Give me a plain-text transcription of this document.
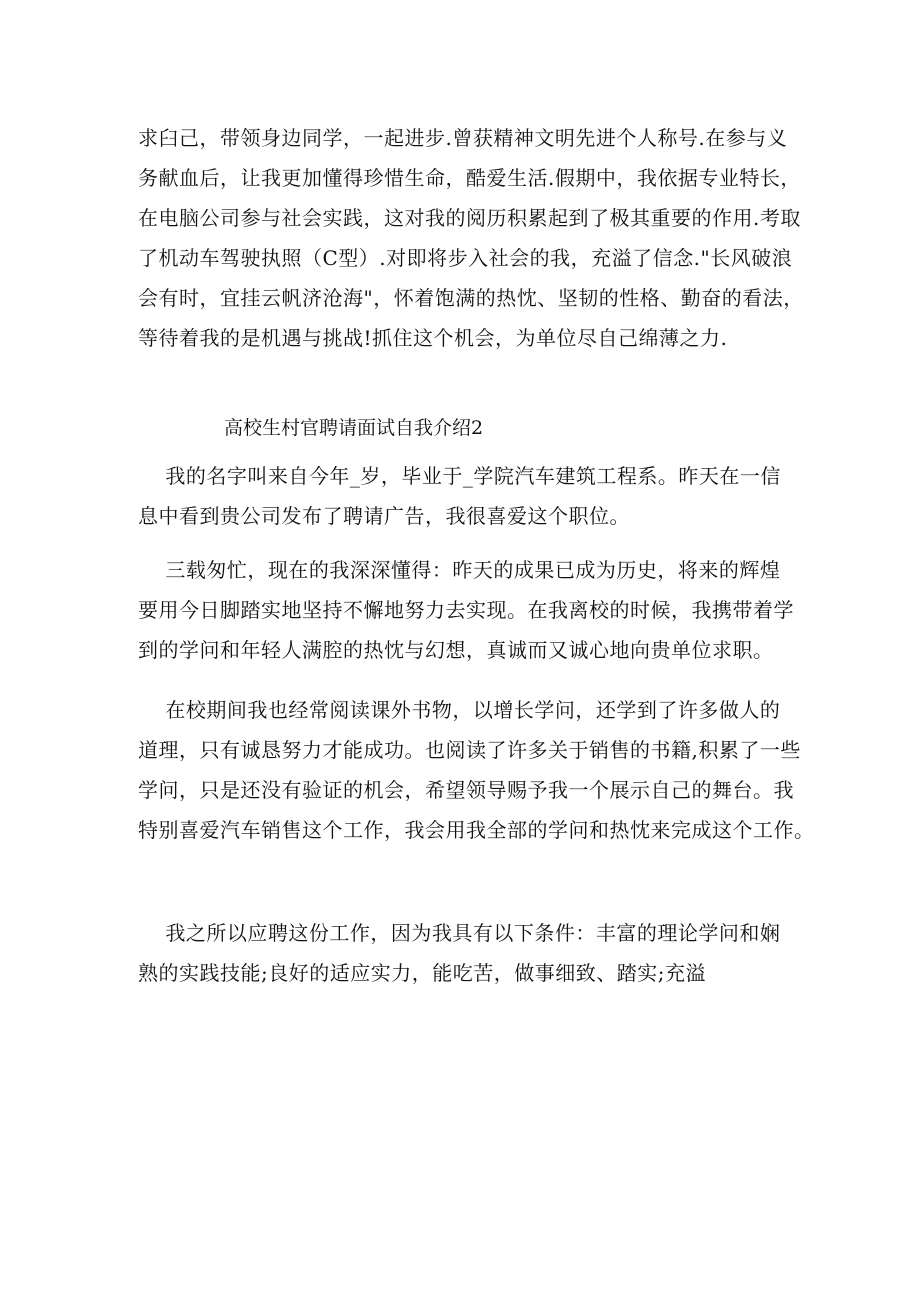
求臼己，带领身边同学，一起进步.曾获精神文明先进个人称号.在参与义
务献血后，让我更加懂得珍惜生命，酷爱生活.假期中，我依据专业特长，
在电脑公司参与社会实践，这对我的阅历积累起到了极其重要的作用.考取
了机动车驾驶执照（C型）.对即将步入社会的我，充溢了信念."长风破浪
会有时，宜挂云帆济沧海"，怀着饱满的热忱、坚韧的性格、勤奋的看法，
等待着我的是机遇与挑战!抓住这个机会，为单位尽自己绵薄之力.
高校生村官聘请面试自我介绍2
我的名字叫来自今年_岁，毕业于_学院汽车建筑工程系。昨天在一信
息中看到贵公司发布了聘请广告，我很喜爱这个职位。
三载匆忙，现在的我深深懂得：昨天的成果已成为历史，将来的辉煌
要用今日脚踏实地坚持不懈地努力去实现。在我离校的时候，我携带着学
到的学问和年轻人满腔的热忱与幻想，真诚而又诚心地向贵单位求职。
在校期间我也经常阅读课外书物，以增长学问，还学到了许多做人的
道理，只有诚恳努力才能成功。也阅读了许多关于销售的书籍,积累了一些
学问，只是还没有验证的机会，希望领导赐予我一个展示自己的舞台。我
特别喜爱汽车销售这个工作，我会用我全部的学问和热忱来完成这个工作。
我之所以应聘这份工作，因为我具有以下条件：丰富的理论学问和娴
熟的实践技能;良好的适应实力，能吃苦，做事细致、踏实;充溢
